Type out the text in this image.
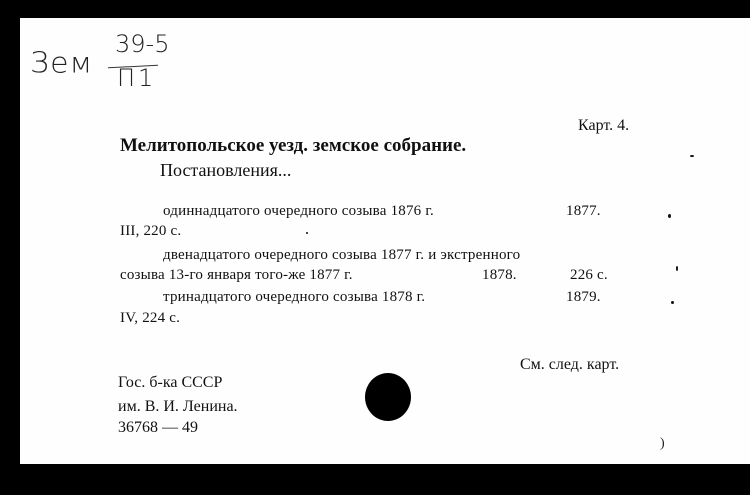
Зем
39-5
П1
Карт. 4.
Мелитопольское уезд. земское собрание.
Постановления...
одиннадцатого очередного созыва 1876 г.	1877.
III, 220 с.
двенадцатого очередного созыва 1877 г. и экстренного
созыва 13-го января того-же 1877 г.	1878.	226 с.
тринадцатого очередного созыва 1878 г.	1879.
IV, 224 с.
См. след. карт.
Гос. б-ка СССР
им. В. И. Ленина.
36768 — 49
)
